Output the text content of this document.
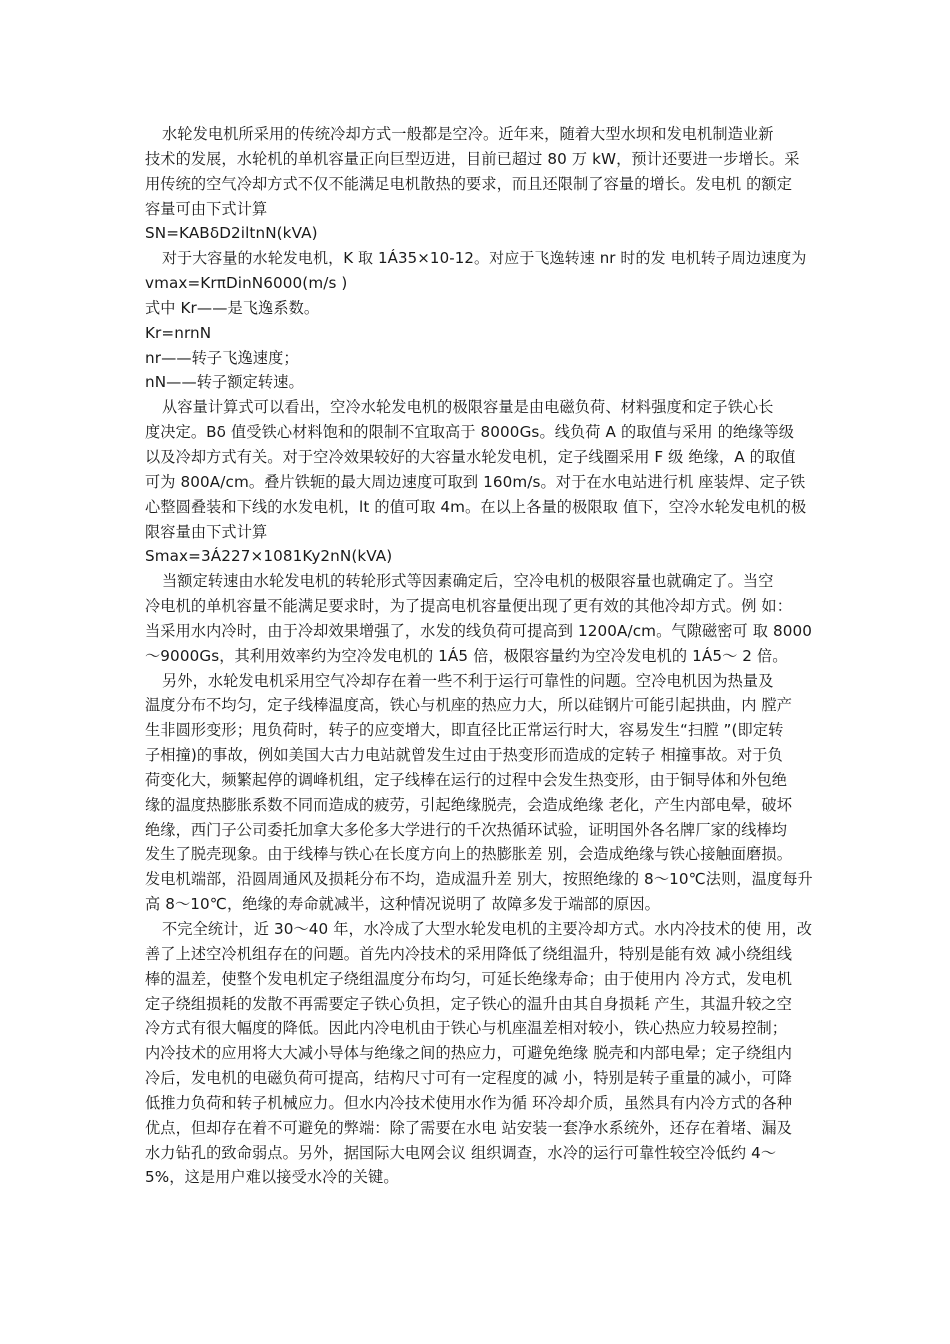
水轮发电机所采用的传统冷却方式一般都是空冷。近年来，随着大型水坝和发电机制造业新
技术的发展，水轮机的单机容量正向巨型迈进，目前已超过 80 万 kW，预计还要进一步增长。采
用传统的空气冷却方式不仅不能满足电机散热的要求，而且还限制了容量的增长。发电机 的额定
容量可由下式计算
SN=KABδD2iltnN(kVA)
对于大容量的水轮发电机，K 取 1Á35×10-12。对应于飞逸转速 nr 时的发 电机转子周边速度为
vmax=KrπDinN6000(m/s )
式中 Kr——是飞逸系数。
Kr=nrnN
nr——转子飞逸速度；
nN——转子额定转速。
从容量计算式可以看出，空冷水轮发电机的极限容量是由电磁负荷、材料强度和定子铁心长
度决定。Bδ 值受铁心材料饱和的限制不宜取高于 8000Gs。线负荷 A 的取值与采用 的绝缘等级
以及冷却方式有关。对于空冷效果较好的大容量水轮发电机，定子线圈采用 F 级 绝缘，A 的取值
可为 800A/cm。叠片铁轭的最大周边速度可取到 160m/s。对于在水电站进行机 座装焊、定子铁
心整圆叠装和下线的水发电机，lt 的值可取 4m。在以上各量的极限取 值下，空冷水轮发电机的极
限容量由下式计算
Smax=3Á227×1081Ky2nN(kVA)
当额定转速由水轮发电机的转轮形式等因素确定后，空冷电机的极限容量也就确定了。当空
冷电机的单机容量不能满足要求时，为了提高电机容量便出现了更有效的其他冷却方式。例 如：
当采用水内冷时，由于冷却效果增强了，水发的线负荷可提高到 1200A/cm。气隙磁密可 取 8000
～9000Gs，其利用效率约为空冷发电机的 1Á5 倍，极限容量约为空冷发电机的 1Á5～ 2 倍。
另外，水轮发电机采用空气冷却存在着一些不利于运行可靠性的问题。空冷电机因为热量及
温度分布不均匀，定子线棒温度高，铁心与机座的热应力大，所以硅钢片可能引起拱曲，内 膛产
生非圆形变形；甩负荷时，转子的应变增大，即直径比正常运行时大，容易发生“扫膛 ”(即定转
子相撞)的事故，例如美国大古力电站就曾发生过由于热变形而造成的定转子 相撞事故。对于负
荷变化大，频繁起停的调峰机组，定子线棒在运行的过程中会发生热变形，由于铜导体和外包绝
缘的温度热膨胀系数不同而造成的疲劳，引起绝缘脱壳，会造成绝缘 老化，产生内部电晕，破坏
绝缘，西门子公司委托加拿大多伦多大学进行的千次热循环试验，证明国外各名牌厂家的线棒均
发生了脱壳现象。由于线棒与铁心在长度方向上的热膨胀差 别，会造成绝缘与铁心接触面磨损。
发电机端部，沿圆周通风及损耗分布不均，造成温升差 别大，按照绝缘的 8～10℃法则，温度每升
高 8～10℃，绝缘的寿命就减半，这种情况说明了 故障多发于端部的原因。
不完全统计，近 30～40 年，水冷成了大型水轮发电机的主要冷却方式。水内冷技术的使 用，改
善了上述空冷机组存在的问题。首先内冷技术的采用降低了绕组温升，特别是能有效 减小绕组线
棒的温差，使整个发电机定子绕组温度分布均匀，可延长绝缘寿命；由于使用内 冷方式，发电机
定子绕组损耗的发散不再需要定子铁心负担，定子铁心的温升由其自身损耗 产生，其温升较之空
冷方式有很大幅度的降低。因此内冷电机由于铁心与机座温差相对较小，铁心热应力较易控制；
内冷技术的应用将大大减小导体与绝缘之间的热应力，可避免绝缘 脱壳和内部电晕；定子绕组内
冷后，发电机的电磁负荷可提高，结构尺寸可有一定程度的减 小，特别是转子重量的减小，可降
低推力负荷和转子机械应力。但水内冷技术使用水作为循 环冷却介质，虽然具有内冷方式的各种
优点，但却存在着不可避免的弊端：除了需要在水电 站安装一套净水系统外，还存在着堵、漏及
水力钻孔的致命弱点。另外，据国际大电网会议 组织调查，水冷的运行可靠性较空冷低约 4～
5%，这是用户难以接受水冷的关键。
